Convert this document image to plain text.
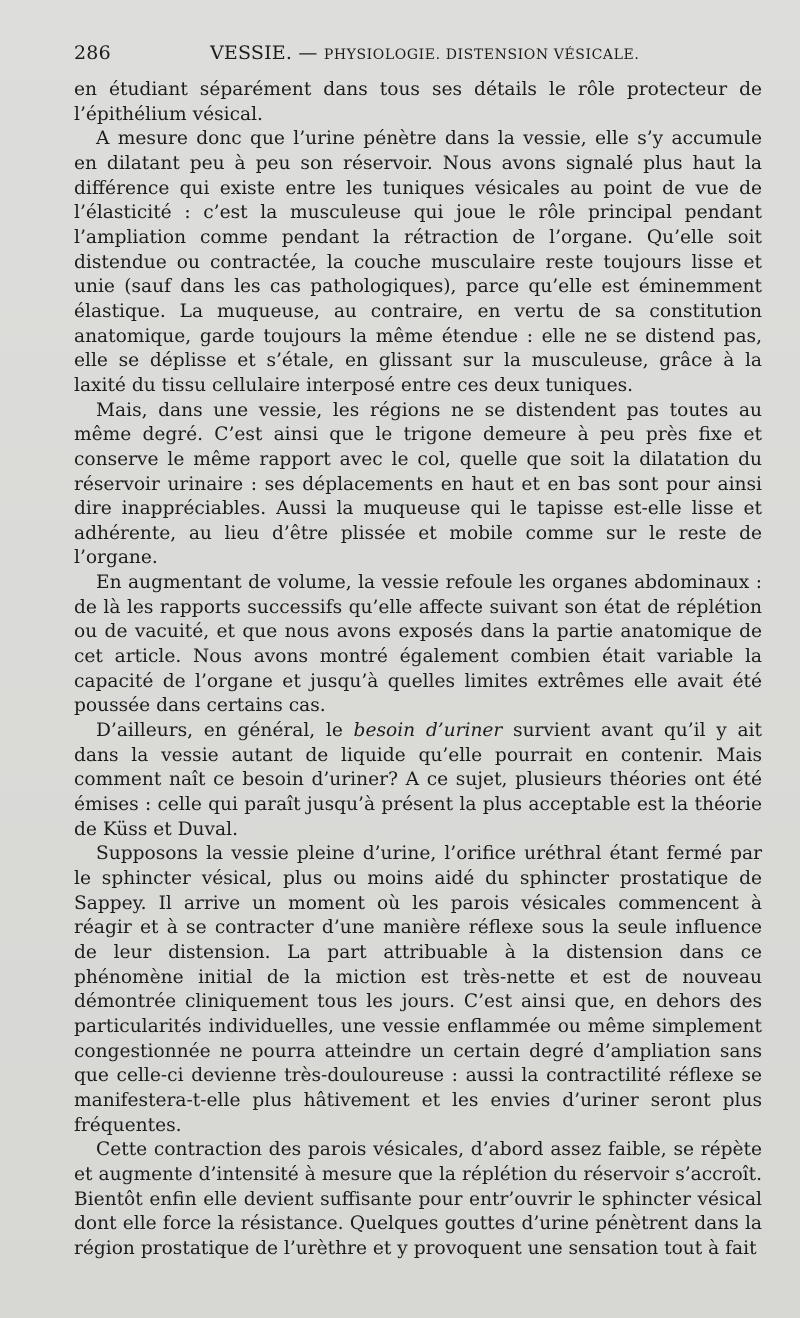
286	VESSIE. — PHYSIOLOGIE. DISTENSION VÉSICALE.

en étudiant séparément dans tous ses détails le rôle protecteur de l’épithélium vésical.

A mesure donc que l’urine pénètre dans la vessie, elle s’y accumule en dilatant peu à peu son réservoir. Nous avons signalé plus haut la différence qui existe entre les tuniques vésicales au point de vue de l’élasticité : c’est la musculeuse qui joue le rôle principal pendant l’ampliation comme pendant la rétraction de l’organe. Qu’elle soit distendue ou contractée, la couche musculaire reste toujours lisse et unie (sauf dans les cas pathologiques), parce qu’elle est éminemment élastique. La muqueuse, au contraire, en vertu de sa constitution anatomique, garde toujours la même étendue : elle ne se distend pas, elle se déplisse et s’étale, en glissant sur la musculeuse, grâce à la laxité du tissu cellulaire interposé entre ces deux tuniques.

Mais, dans une vessie, les régions ne se distendent pas toutes au même degré. C’est ainsi que le trigone demeure à peu près fixe et conserve le même rapport avec le col, quelle que soit la dilatation du réservoir urinaire : ses déplacements en haut et en bas sont pour ainsi dire inappréciables. Aussi la muqueuse qui le tapisse est-elle lisse et adhérente, au lieu d’être plissée et mobile comme sur le reste de l’organe.

En augmentant de volume, la vessie refoule les organes abdominaux : de là les rapports successifs qu’elle affecte suivant son état de réplétion ou de vacuité, et que nous avons exposés dans la partie anatomique de cet article. Nous avons montré également combien était variable la capacité de l’organe et jusqu’à quelles limites extrêmes elle avait été poussée dans certains cas.

D’ailleurs, en général, le besoin d’uriner survient avant qu’il y ait dans la vessie autant de liquide qu’elle pourrait en contenir. Mais comment naît ce besoin d’uriner? A ce sujet, plusieurs théories ont été émises : celle qui paraît jusqu’à présent la plus acceptable est la théorie de Küss et Duval.

Supposons la vessie pleine d’urine, l’orifice uréthral étant fermé par le sphincter vésical, plus ou moins aidé du sphincter prostatique de Sappey. Il arrive un moment où les parois vésicales commencent à réagir et à se contracter d’une manière réflexe sous la seule influence de leur distension. La part attribuable à la distension dans ce phénomène initial de la miction est très-nette et est de nouveau démontrée cliniquement tous les jours. C’est ainsi que, en dehors des particularités individuelles, une vessie enflammée ou même simplement congestionnée ne pourra atteindre un certain degré d’ampliation sans que celle-ci devienne très-douloureuse : aussi la contractilité réflexe se manifestera-t-elle plus hâtivement et les envies d’uriner seront plus fréquentes.

Cette contraction des parois vésicales, d’abord assez faible, se répète et augmente d’intensité à mesure que la réplétion du réservoir s’accroît. Bientôt enfin elle devient suffisante pour entr’ouvrir le sphincter vésical dont elle force la résistance. Quelques gouttes d’urine pénètrent dans la région prostatique de l’urèthre et y provoquent une sensation tout à fait
